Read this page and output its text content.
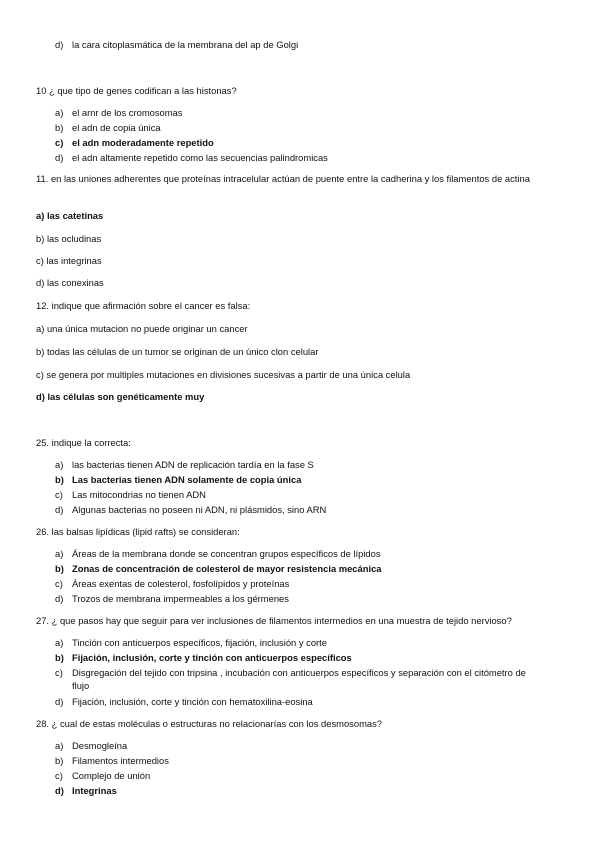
d) la cara citoplasmática de la membrana del ap de Golgi
10 ¿ que tipo de genes codifican a las histonas?
a) el arnr de los cromosomas
b) el adn de copia única
c) el adn moderadamente repetido
d) el adn altamente repetido como las secuencias palindromicas
11. en las uniones adherentes que proteínas intracelular actúan de puente entre la cadherina y los filamentos de actina
a) las catetinas
b) las ocludinas
c) las integrinas
d) las conexinas
12. indique que afirmación sobre el cancer es falsa:
a) una única mutacion no puede originar un cancer
b) todas las células de un tumor se originan de un único clon celular
c) se genera por multiples mutaciones en divisiones sucesivas a partir de una única celula
d) las células son genéticamente muy
25. indique la correcta:
a) las bacterias tienen ADN de replicación tardía en la fase S
b) Las bacterias tienen ADN solamente de copia única
c) Las mitocondrias no tienen ADN
d) Algunas bacterias no poseen ni ADN, ni plásmidos, sino ARN
26. las balsas lipídicas (lipid rafts) se consideran:
a) Áreas de la membrana donde se concentran grupos específicos de lípidos
b) Zonas de concentración de colesterol de mayor resistencia mecánica
c) Áreas exentas de colesterol, fosfolípidos y proteínas
d) Trozos de membrana impermeables a los gérmenes
27. ¿ que pasos hay que seguir para ver inclusiones de filamentos intermedios en una muestra de tejido nervioso?
a) Tinción con anticuerpos específicos, fijación, inclusión y corte
b) Fijación, inclusión, corte y tinción con anticuerpos específicos
c) Disgregación del tejido con tripsina , incubación con anticuerpos específicos y separación con el citómetro de flujo
d) Fijación, inclusión, corte y tinción con hematoxilina-eosina
28. ¿ cual de estas moléculas o estructuras no relacionarías con los desmosomas?
a) Desmogleína
b) Filamentos intermedios
c) Complejo de unión
d) Integrinas
